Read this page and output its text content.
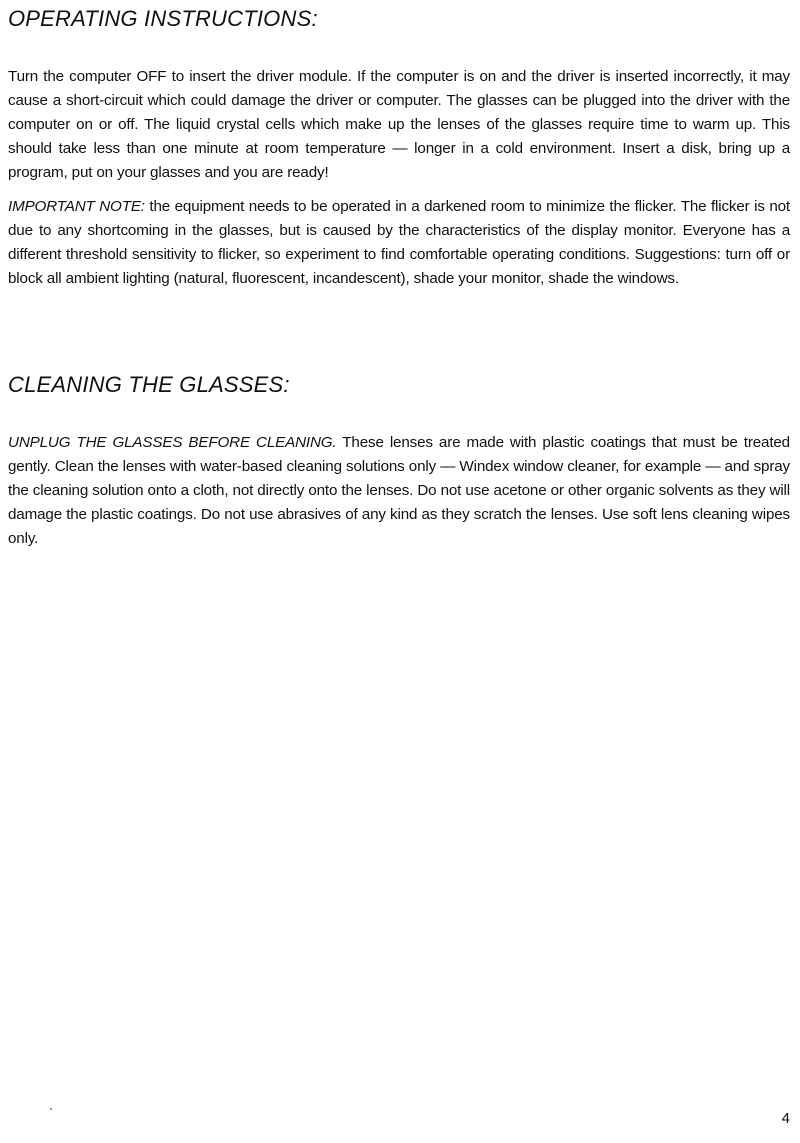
OPERATING INSTRUCTIONS:

Turn the computer OFF to insert the driver module. If the computer is on and the driver is inserted incorrectly, it may cause a short-circuit which could damage the driver or computer. The glasses can be plugged into the driver with the computer on or off. The liquid crystal cells which make up the lenses of the glasses require time to warm up. This should take less than one minute at room temperature — longer in a cold environment. Insert a disk, bring up a program, put on your glasses and you are ready!

IMPORTANT NOTE: the equipment needs to be operated in a darkened room to minimize the flicker. The flicker is not due to any shortcoming in the glasses, but is caused by the characteristics of the display monitor. Everyone has a different threshold sensitivity to flicker, so experiment to find comfortable operating conditions. Suggestions: turn off or block all ambient lighting (natural, fluorescent, incandescent), shade your monitor, shade the windows.

CLEANING THE GLASSES:

UNPLUG THE GLASSES BEFORE CLEANING. These lenses are made with plastic coatings that must be treated gently. Clean the lenses with water-based cleaning solutions only — Windex window cleaner, for example — and spray the cleaning solution onto a cloth, not directly onto the lenses. Do not use acetone or other organic solvents as they will damage the plastic coatings. Do not use abrasives of any kind as they scratch the lenses. Use soft lens cleaning wipes only.

4
